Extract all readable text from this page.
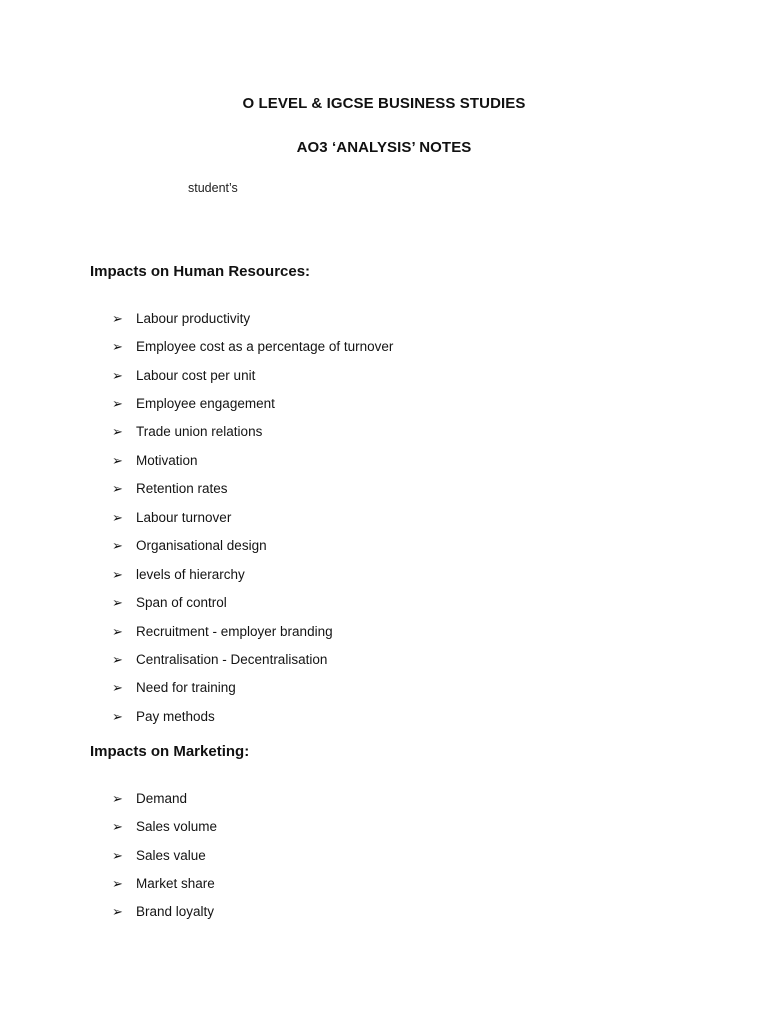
O LEVEL & IGCSE BUSINESS STUDIES
AO3 ‘ANALYSIS’ NOTES
student’s
Impacts on Human Resources:
➢ Labour productivity
➢ Employee cost as a percentage of turnover
➢ Labour cost per unit
➢ Employee engagement
➢ Trade union relations
➢ Motivation
➢ Retention rates
➢ Labour turnover
➢ Organisational design
➢ levels of hierarchy
➢ Span of control
➢ Recruitment - employer branding
➢ Centralisation - Decentralisation
➢ Need for training
➢ Pay methods
Impacts on Marketing:
➢ Demand
➢ Sales volume
➢ Sales value
➢ Market share
➢ Brand loyalty
